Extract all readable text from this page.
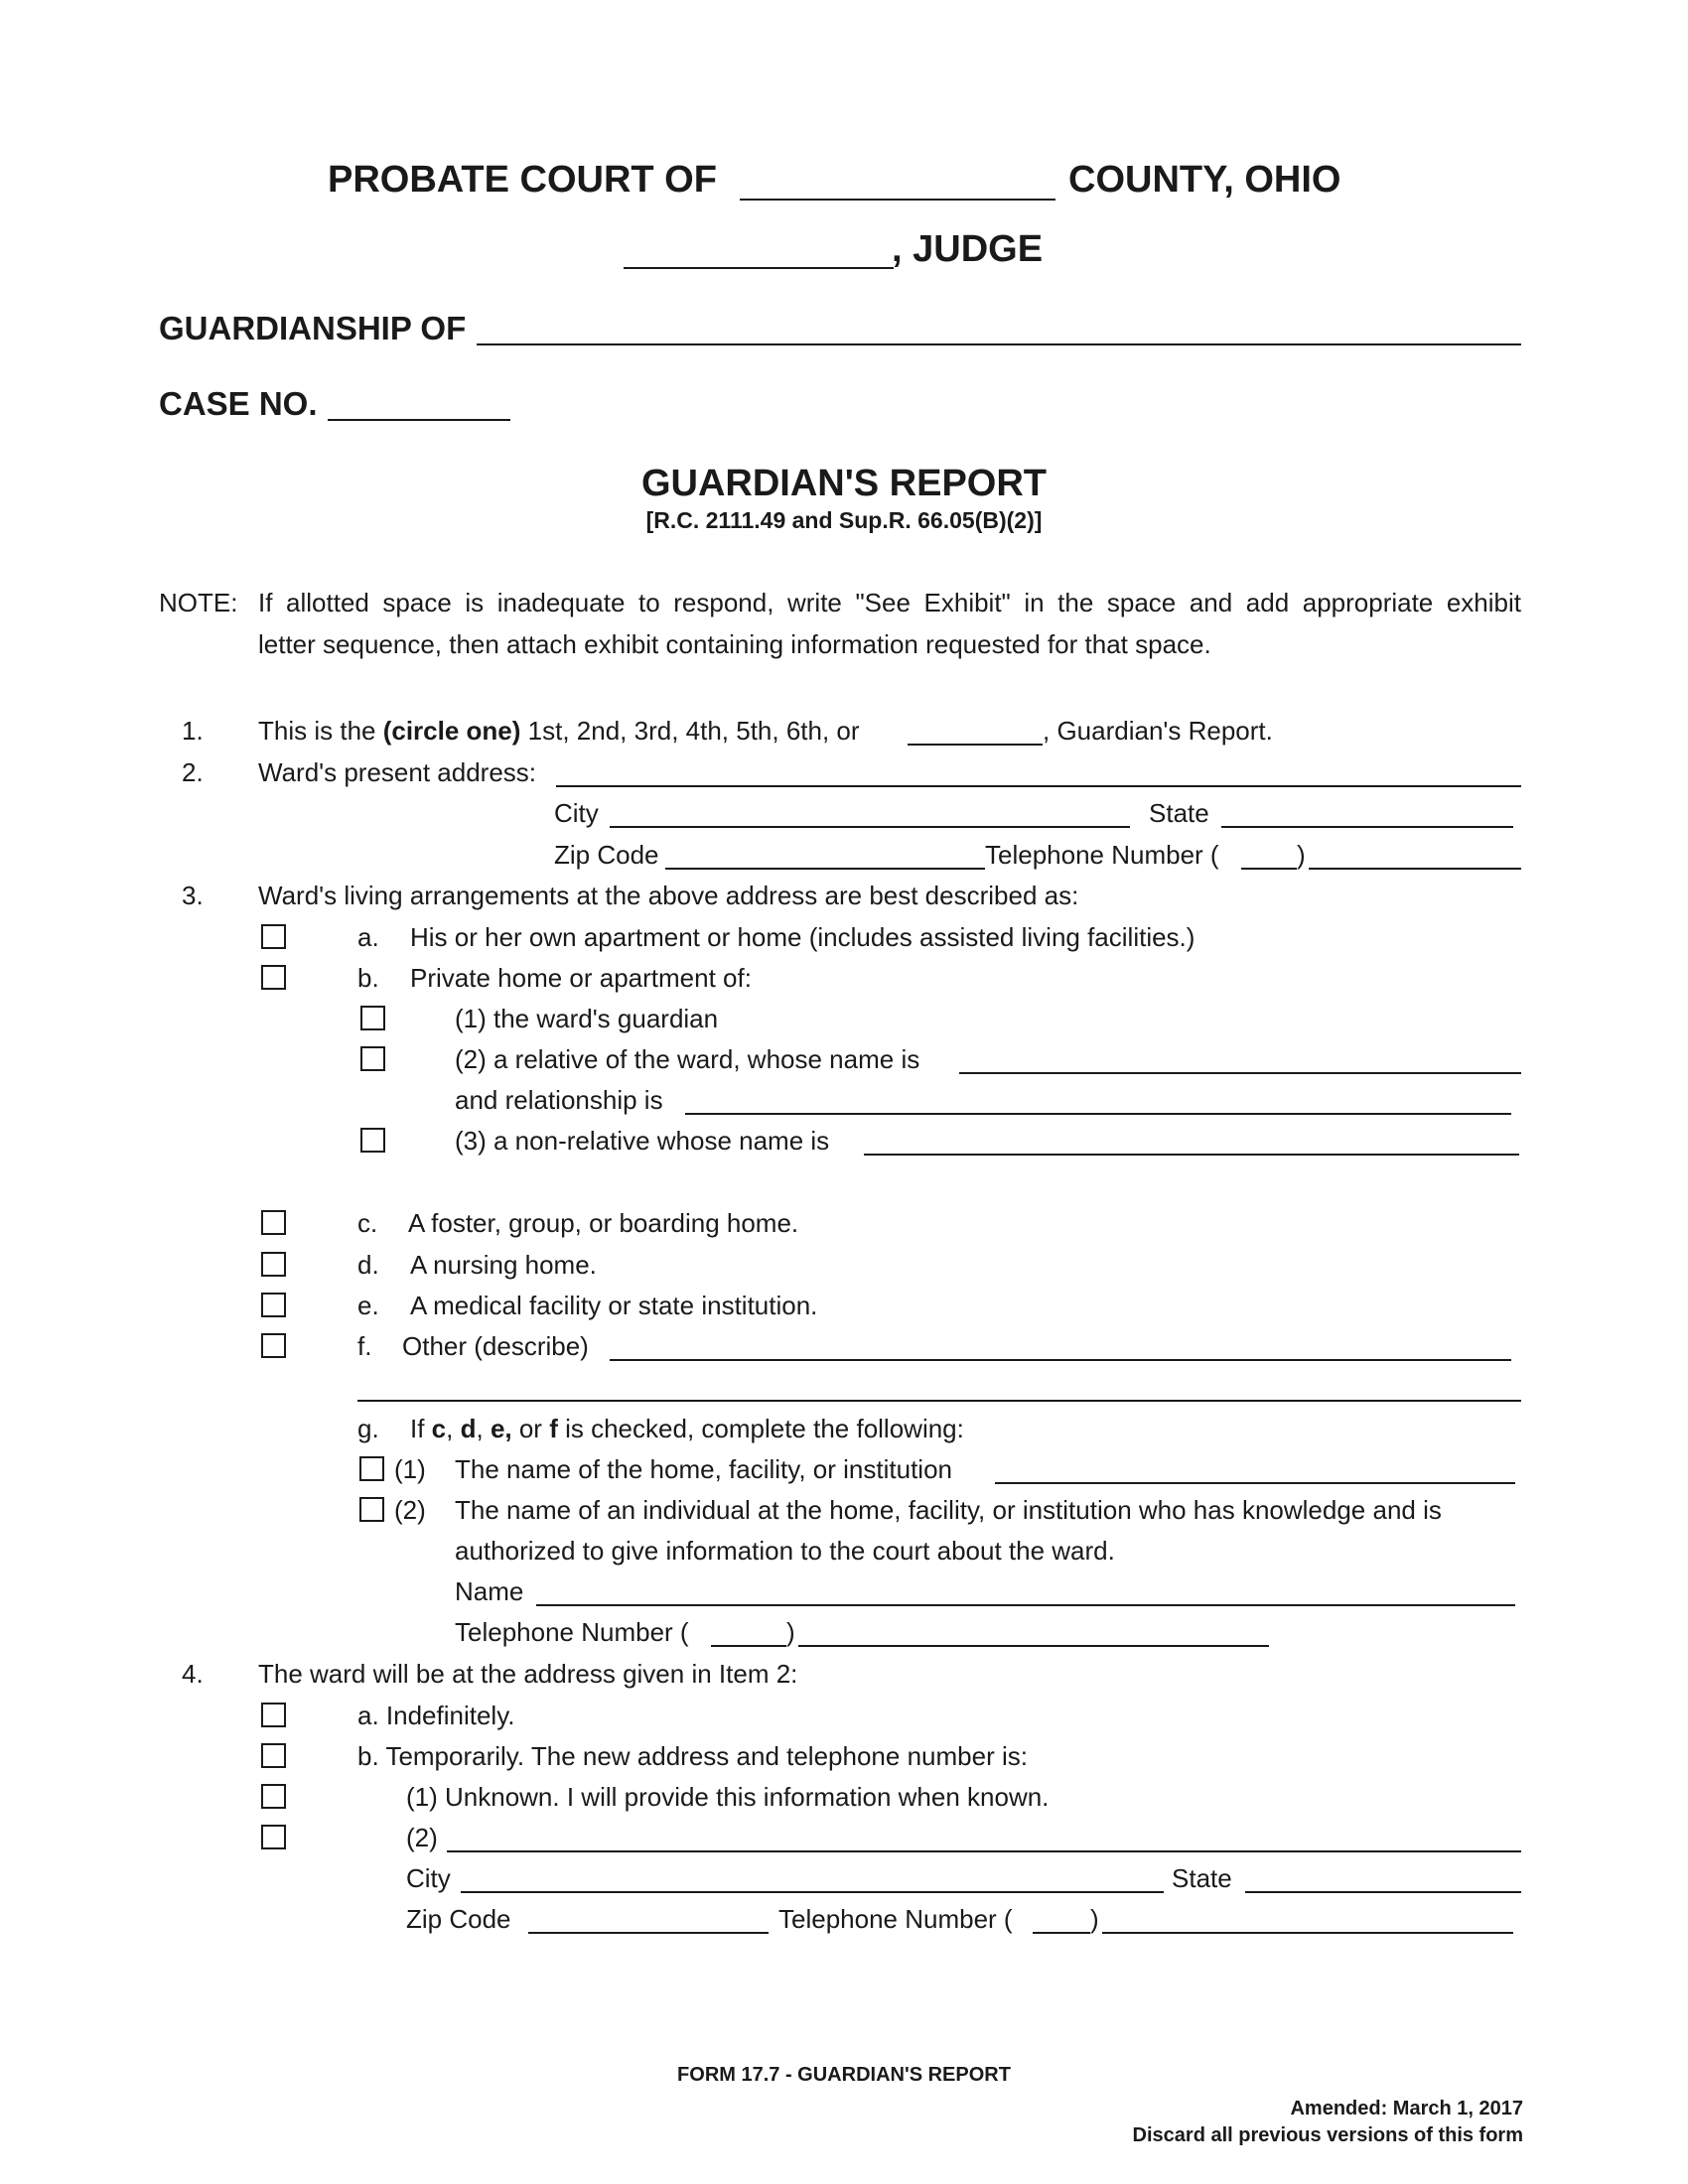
PROBATE COURT OF	COUNTY, OHIO
, JUDGE
GUARDIANSHIP OF
CASE NO.
GUARDIAN'S REPORT
[R.C. 2111.49 and Sup.R. 66.05(B)(2)]
NOTE: If allotted space is inadequate to respond, write "See Exhibit" in the space and add appropriate exhibit
letter sequence, then attach exhibit containing information requested for that space.
1. This is the (circle one) 1st, 2nd, 3rd, 4th, 5th, 6th, or	, Guardian's Report.
2. Ward's present address:
City	State
Zip Code	Telephone Number (	)
3. Ward's living arrangements at the above address are best described as:
a. His or her own apartment or home (includes assisted living facilities.)
b. Private home or apartment of:
(1) the ward's guardian
(2) a relative of the ward, whose name is
and relationship is
(3) a non-relative whose name is
c. A foster, group, or boarding home.
d. A nursing home.
e. A medical facility or state institution.
f. Other (describe)
g. If c, d, e, or f is checked, complete the following:
(1) The name of the home, facility, or institution
(2) The name of an individual at the home, facility, or institution who has knowledge and is
authorized to give information to the court about the ward.
Name
Telephone Number (	)
4. The ward will be at the address given in Item 2:
a. Indefinitely.
b. Temporarily. The new address and telephone number is:
(1) Unknown. I will provide this information when known.
(2)
City	State
Zip Code	Telephone Number (	)
FORM 17.7 - GUARDIAN'S REPORT
Amended: March 1, 2017
Discard all previous versions of this form
